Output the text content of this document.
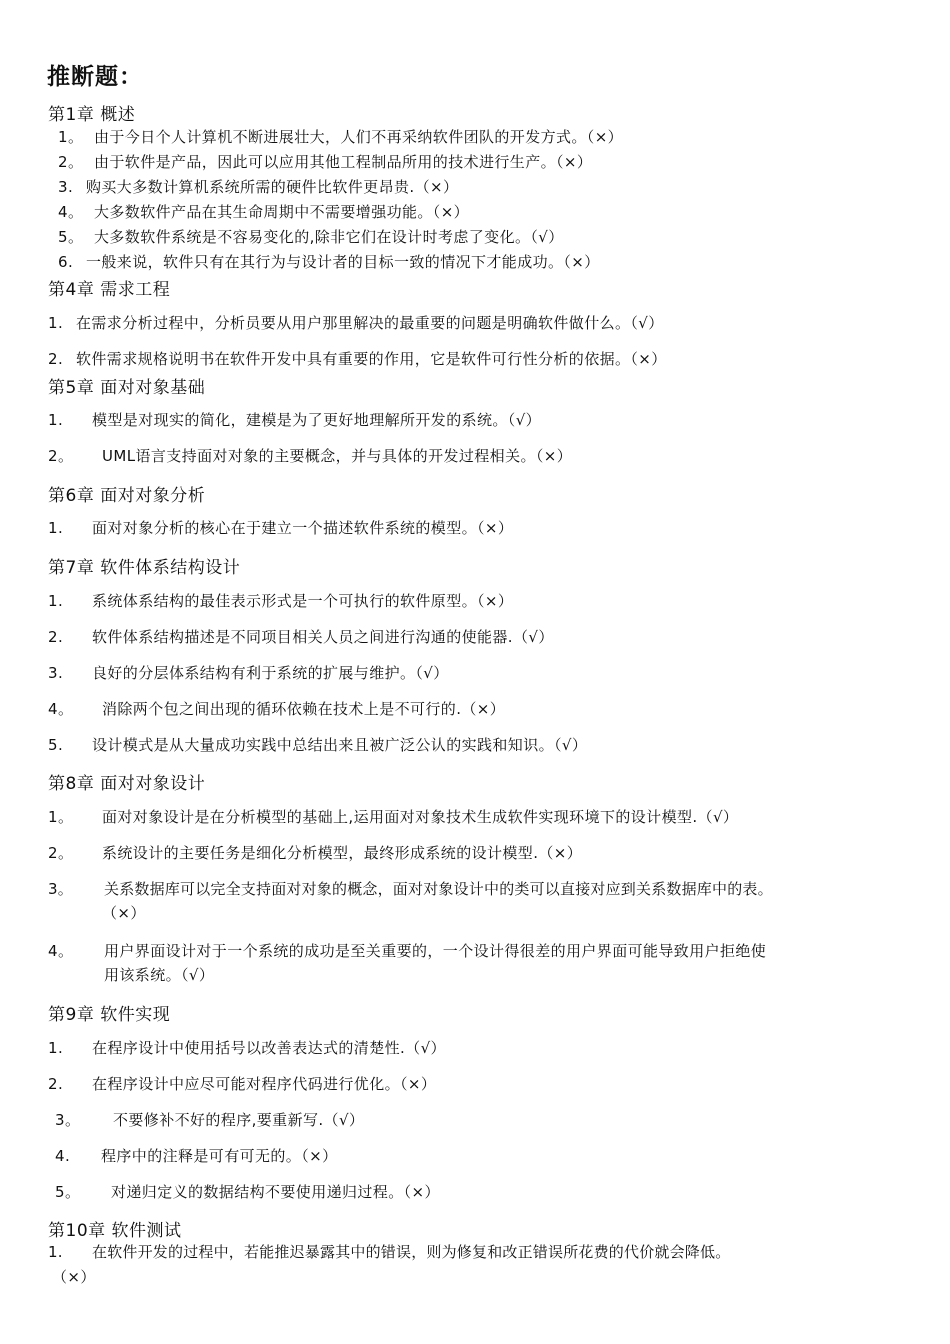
推断题：
第1章 概述
1。 由于今日个人计算机不断进展壮大，人们不再采纳软件团队的开发方式。（×）
2。 由于软件是产品，因此可以应用其他工程制品所用的技术进行生产。（×）
3. 购买大多数计算机系统所需的硬件比软件更昂贵.（×）
4。 大多数软件产品在其生命周期中不需要增强功能。（×）
5。 大多数软件系统是不容易变化的,除非它们在设计时考虑了变化。（√）
6. 一般来说，软件只有在其行为与设计者的目标一致的情况下才能成功。（×）
第4章 需求工程
1. 在需求分析过程中，分析员要从用户那里解决的最重要的问题是明确软件做什么。（√）
2. 软件需求规格说明书在软件开发中具有重要的作用，它是软件可行性分析的依据。（×）
第5章 面对对象基础
1. 模型是对现实的简化，建模是为了更好地理解所开发的系统。（√）
2。 UML语言支持面对对象的主要概念，并与具体的开发过程相关。（×）
第6章 面对对象分析
1. 面对对象分析的核心在于建立一个描述软件系统的模型。（×）
第7章 软件体系结构设计
1. 系统体系结构的最佳表示形式是一个可执行的软件原型。（×）
2. 软件体系结构描述是不同项目相关人员之间进行沟通的使能器.（√）
3. 良好的分层体系结构有利于系统的扩展与维护。（√）
4。 消除两个包之间出现的循环依赖在技术上是不可行的.（×）
5. 设计模式是从大量成功实践中总结出来且被广泛公认的实践和知识。（√）
第8章 面对对象设计
1。 面对对象设计是在分析模型的基础上,运用面对对象技术生成软件实现环境下的设计模型.（√）
2。 系统设计的主要任务是细化分析模型，最终形成系统的设计模型.（×）
3。 关系数据库可以完全支持面对对象的概念，面对对象设计中的类可以直接对应到关系数据库中的表。
（×）
4。 用户界面设计对于一个系统的成功是至关重要的，一个设计得很差的用户界面可能导致用户拒绝使
用该系统。（√）
第9章 软件实现
1. 在程序设计中使用括号以改善表达式的清楚性.（√）
2. 在程序设计中应尽可能对程序代码进行优化。（×）
3。 不要修补不好的程序,要重新写.（√）
4. 程序中的注释是可有可无的。（×）
5。 对递归定义的数据结构不要使用递归过程。（×）
第10章 软件测试
1. 在软件开发的过程中，若能推迟暴露其中的错误，则为修复和改正错误所花费的代价就会降低。
（×）
